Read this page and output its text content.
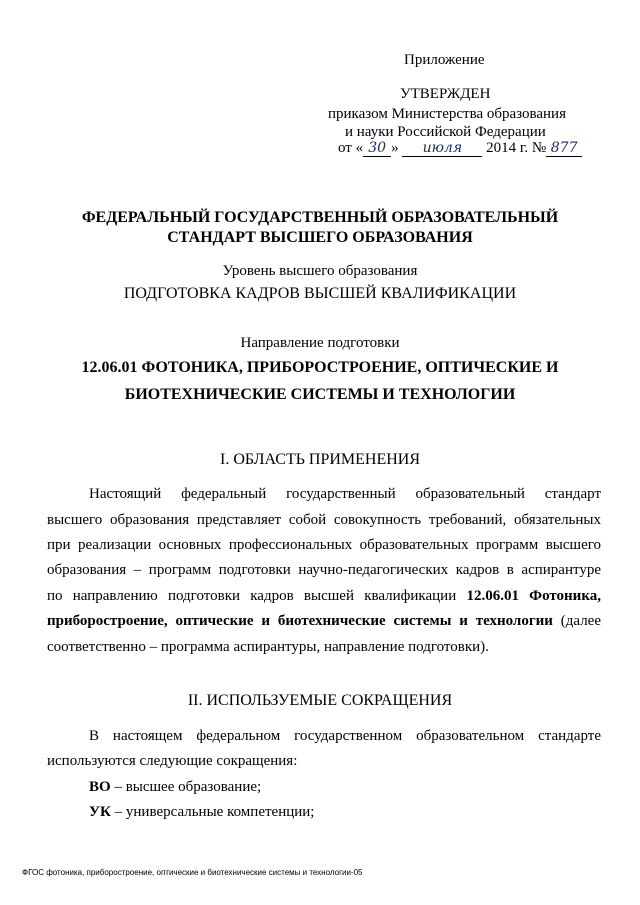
Приложение
УТВЕРЖДЕН
приказом Министерства образования
и науки Российской Федерации
от « 30 » июля 2014 г. № 877
ФЕДЕРАЛЬНЫЙ ГОСУДАРСТВЕННЫЙ ОБРАЗОВАТЕЛЬНЫЙ
СТАНДАРТ ВЫСШЕГО ОБРАЗОВАНИЯ
Уровень высшего образования
ПОДГОТОВКА КАДРОВ ВЫСШЕЙ КВАЛИФИКАЦИИ
Направление подготовки
12.06.01 ФОТОНИКА, ПРИБОРОСТРОЕНИЕ, ОПТИЧЕСКИЕ И
БИОТЕХНИЧЕСКИЕ СИСТЕМЫ И ТЕХНОЛОГИИ
I. ОБЛАСТЬ ПРИМЕНЕНИЯ
Настоящий федеральный государственный образовательный стандарт
высшего образования представляет собой совокупность требований, обязательных
при реализации основных профессиональных образовательных программ высшего
образования – программ подготовки научно-педагогических кадров в аспирантуре
по направлению подготовки кадров высшей квалификации 12.06.01 Фотоника,
приборостроение, оптические и биотехнические системы и технологии (далее
соответственно – программа аспирантуры, направление подготовки).
II. ИСПОЛЬЗУЕМЫЕ СОКРАЩЕНИЯ
В настоящем федеральном государственном образовательном стандарте
используются следующие сокращения:
ВО – высшее образование;
УК – универсальные компетенции;
ФГОС фотоника, приборостроение, оптические и биотехнические системы и технологии-05
